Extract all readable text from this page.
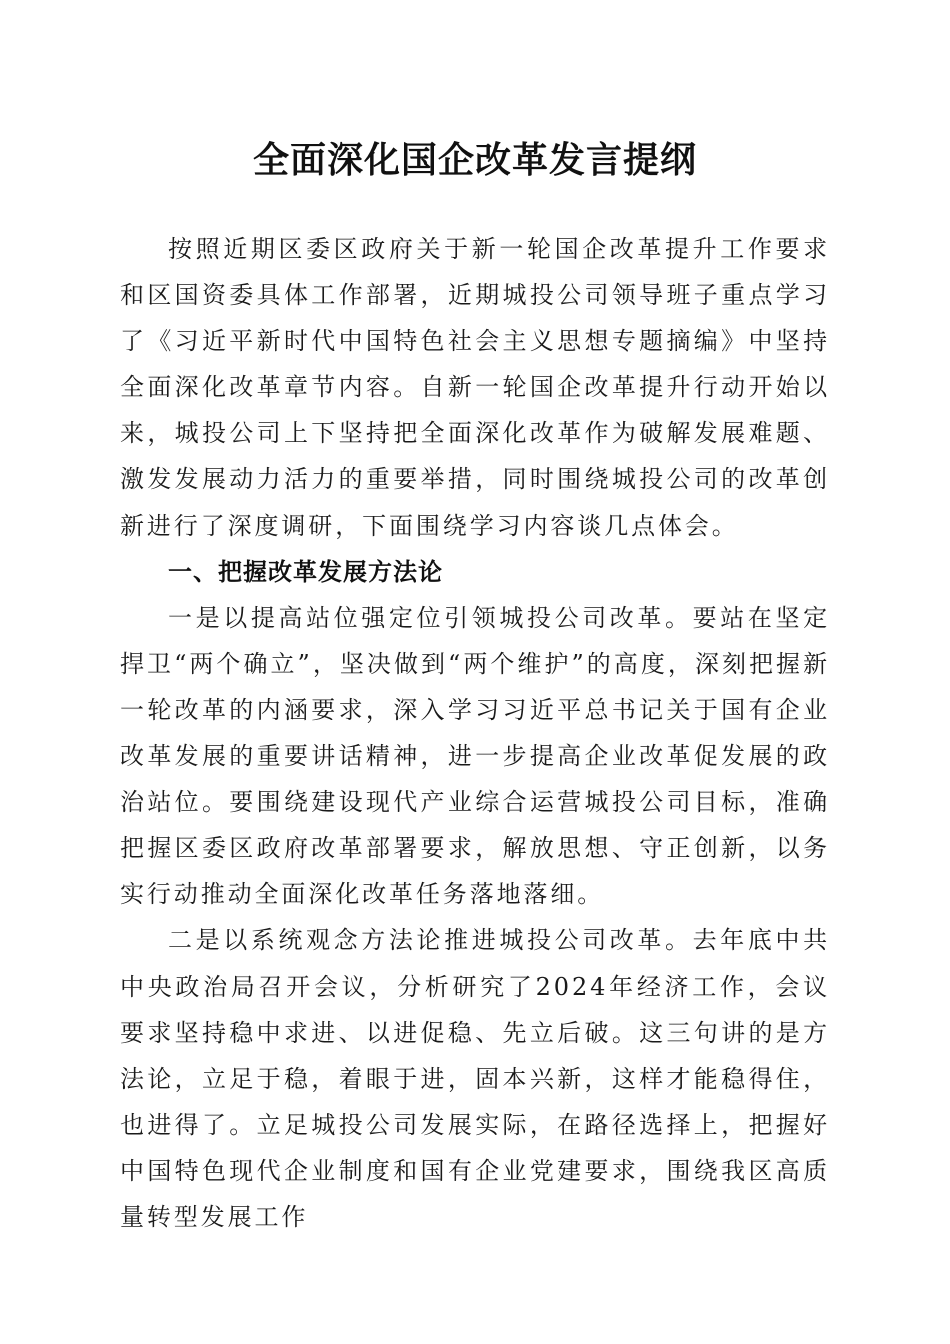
全面深化国企改革发言提纲

按照近期区委区政府关于新一轮国企改革提升工作要求和区国资委具体工作部署，近期城投公司领导班子重点学习了《习近平新时代中国特色社会主义思想专题摘编》中坚持全面深化改革章节内容。自新一轮国企改革提升行动开始以来，城投公司上下坚持把全面深化改革作为破解发展难题、激发发展动力活力的重要举措，同时围绕城投公司的改革创新进行了深度调研，下面围绕学习内容谈几点体会。

一、把握改革发展方法论

一是以提高站位强定位引领城投公司改革。要站在坚定捍卫“两个确立”，坚决做到“两个维护”的高度，深刻把握新一轮改革的内涵要求，深入学习习近平总书记关于国有企业改革发展的重要讲话精神，进一步提高企业改革促发展的政治站位。要围绕建设现代产业综合运营城投公司目标，准确把握区委区政府改革部署要求，解放思想、守正创新，以务实行动推动全面深化改革任务落地落细。

二是以系统观念方法论推进城投公司改革。去年底中共中央政治局召开会议，分析研究了2024年经济工作，会议要求坚持稳中求进、以进促稳、先立后破。这三句讲的是方法论，立足于稳，着眼于进，固本兴新，这样才能稳得住，也进得了。立足城投公司发展实际，在路径选择上，把握好中国特色现代企业制度和国有企业党建要求，围绕我区高质量转型发展工作
